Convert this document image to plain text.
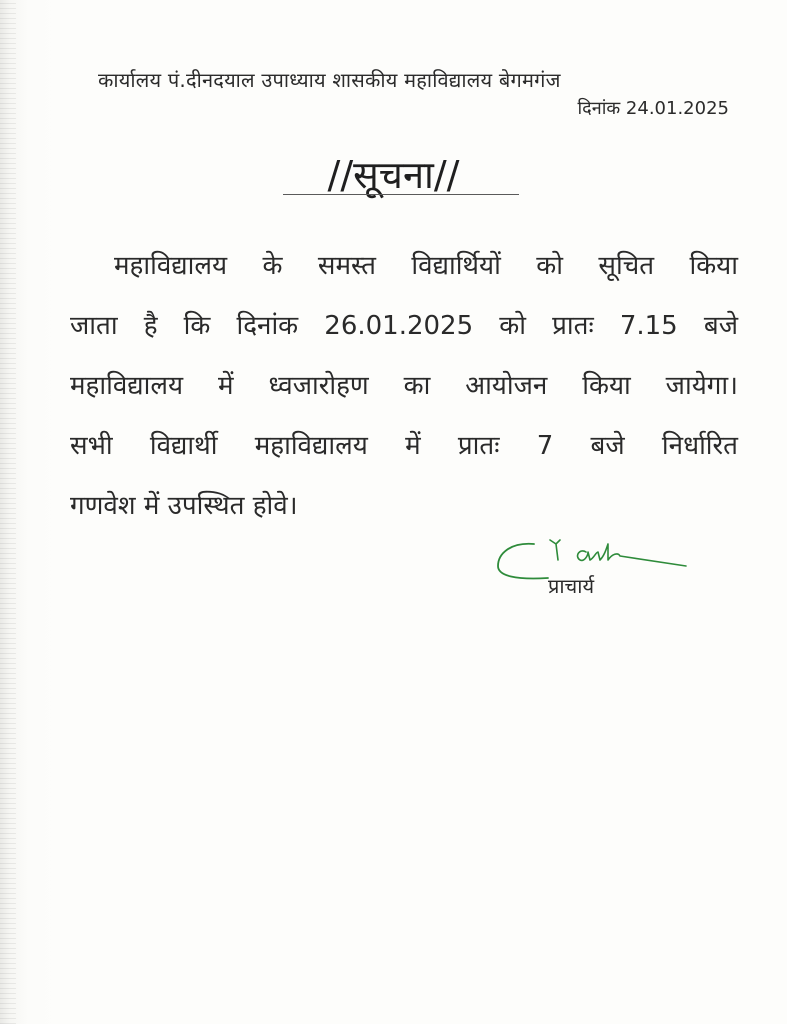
कार्यालय पं.दीनदयाल उपाध्याय शासकीय महाविद्यालय बेगमगंज
दिनांक 24.01.2025
//सूचना//
महाविद्यालय के समस्त विद्यार्थियों को सूचित किया
जाता है कि दिनांक 26.01.2025 को प्रातः 7.15 बजे
महाविद्यालय में ध्वजारोहण का आयोजन किया जायेगा।
सभी विद्यार्थी महाविद्यालय में प्रातः 7 बजे निर्धारित
गणवेश में उपस्थित होवे।
प्राचार्य
